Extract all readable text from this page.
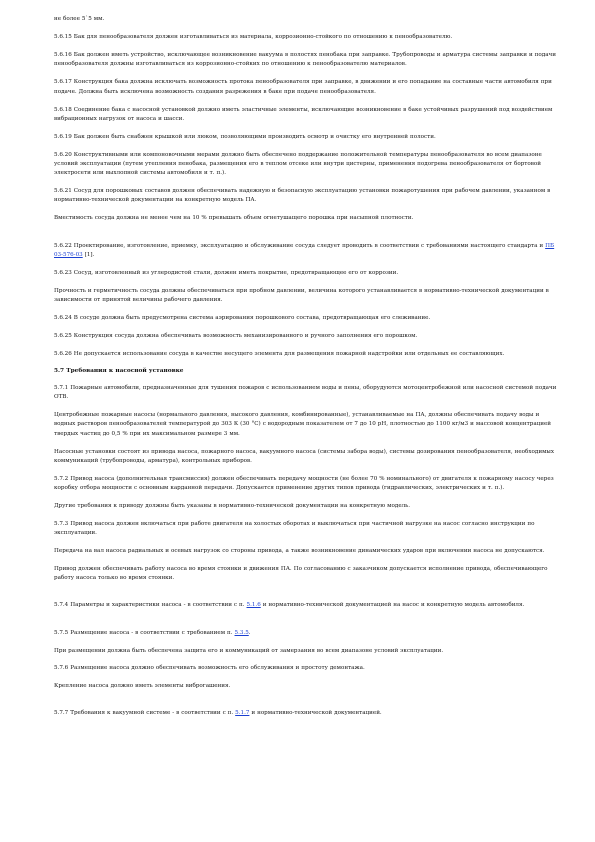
не более 5`5 мм.

5.6.15 Бак для пенообразователя должен изготавливаться из материала, коррозионно-стойкого по отношению к пенообразователю.

5.6.16 Бак должен иметь устройство, исключающее возникновение вакуума в полостях пенобака при заправке. Трубопроводы и арматура системы заправки и подачи пенообразователя должны изготавливаться из коррозионно-стойких по отношению к пенообразователю материалов.

5.6.17 Конструкция бака должна исключать возможность протока пенообразователя при заправке, в движении и его попадание на составные части автомобиля при подаче. Должна быть исключена возможность создания разрежения в баке при подаче пенообразователя.

5.6.18 Соединение бака с насосной установкой должно иметь эластичные элементы, исключающие возникновение в баке устойчивых разрушений под воздействием вибрационных нагрузок от насоса и шасси.

5.6.19 Бак должен быть снабжен крышкой или люком, позволяющими производить осмотр и очистку его внутренней полости.

5.6.20 Конструктивными или компоновочными мерами должно быть обеспечено поддержание положительной температуры пенообразователя во всем диапазоне условий эксплуатации (путем утепления пенобака, размещения его в теплом отсеке или внутри цистерны, применения подогрева пенообразователя от бортовой электросети или выхлопной системы автомобиля и т. п.).

5.6.21 Сосуд для порошковых составов должен обеспечивать надежную и безопасную эксплуатацию установки пожаротушения при рабочем давлении, указанном в нормативно-технической документации на конкретную модель ПА.

Вместимость сосуда должна не менее чем на 10 % превышать объем огнетушащего порошка при насыпной плотности.

5.6.22 Проектирование, изготовление, приемку, эксплуатацию и обслуживание сосуда следует проводить в соответствии с требованиями настоящего стандарта и ПБ 03-576-03 [1].

5.6.23 Сосуд, изготовленный из углеродистой стали, должен иметь покрытие, предотвращающее его от коррозии.

Прочность и герметичность сосуда должны обеспечиваться при пробном давлении, величина которого устанавливается в нормативно-технической документации в зависимости от принятой величины рабочего давления.

5.6.24 В сосуде должна быть предусмотрена система аэрирования порошкового состава, предотвращающая его слеживание.

5.6.25 Конструкция сосуда должна обеспечивать возможность механизированного и ручного заполнения его порошком.

5.6.26 Не допускается использование сосуда в качестве несущего элемента для размещения пожарной надстройки или отдельных ее составляющих.

5.7 Требования к насосной установке

5.7.1 Пожарные автомобили, предназначенные для тушения пожаров с использованием воды и пены, оборудуются мотоцентробежной или насосной системой подачи ОТВ.

Центробежные пожарные насосы (нормального давления, высокого давления, комбинированные), устанавливаемые на ПА, должны обеспечивать подачу воды и водных растворов пенообразователей температурой до 303 К (30 °С) с водородным показателем от 7 до 10 рН, плотностью до 1100 кг/м3 и массовой концентрацией твердых частиц до 0,5 % при их максимальном размере 3 мм.

Насосные установки состоят из привода насоса, пожарного насоса, вакуумного насоса (системы забора воды), системы дозирования пенообразователя, необходимых коммуникаций (трубопроводы, арматура), контрольных приборов.

5.7.2 Привод насоса (дополнительная трансмиссия) должен обеспечивать передачу мощности (не более 70 % номинального) от двигателя к пожарному насосу через коробку отбора мощности с основным карданной передачи. Допускается применение других типов привода (гидравлических, электрических и т. п.).

Другие требования к приводу должны быть указаны в нормативно-технической документации на конкретную модель.

5.7.3 Привод насоса должен включаться при работе двигателя на холостых оборотах и выключаться при частичной нагрузке на насос согласно инструкции по эксплуатации.

Передача на вал насоса радиальных и осевых нагрузок со стороны привода, а также возникновение динамических ударов при включении насоса не допускаются.

Привод должен обеспечивать работу насоса во время стоянки и движения ПА. По согласованию с заказчиком допускается исполнение привода, обеспечивающего работу насоса только во время стоянки.

5.7.4 Параметры и характеристики насоса - в соответствии с п. 5.1.6 и нормативно-технической документацией на насос и конкретную модель автомобиля.

5.7.5 Размещение насоса - в соответствии с требованием п. 5.3.5.

При размещении должна быть обеспечена защита его и коммуникаций от замерзания во всем диапазоне условий эксплуатации.

5.7.6 Размещение насоса должно обеспечивать возможность его обслуживания и простоту демонтажа.

Крепление насоса должно иметь элементы виброгашения.

5.7.7 Требования к вакуумной системе - в соответствии с п. 5.1.7 и нормативно-технической документацией.
